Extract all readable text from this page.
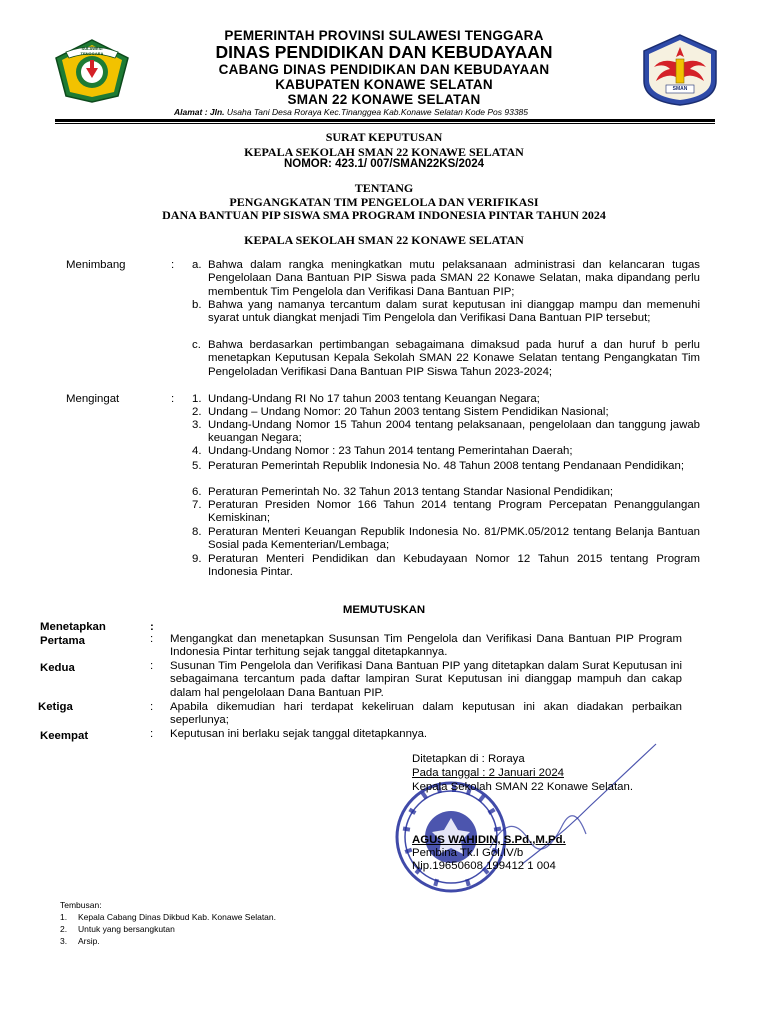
SULAWESI TENGGARA
SMAN
PEMERINTAH PROVINSI SULAWESI TENGGARA
DINAS PENDIDIKAN DAN KEBUDAYAAN
CABANG DINAS PENDIDIKAN DAN KEBUDAYAAN
KABUPATEN KONAWE SELATAN
SMAN 22 KONAWE SELATAN
Alamat : Jln. Usaha Tani Desa Roraya Kec.Tinanggea Kab.Konawe Selatan Kode Pos 93385
SURAT KEPUTUSAN
KEPALA SEKOLAH SMAN 22 KONAWE SELATAN
NOMOR: 423.1/ 007/SMAN22KS/2024
TENTANG
PENGANGKATAN TIM PENGELOLA DAN VERIFIKASI
DANA BANTUAN PIP SISWA SMA PROGRAM INDONESIA PINTAR TAHUN 2024
KEPALA SEKOLAH SMAN 22 KONAWE SELATAN
Menimbang	: a. Bahwa dalam rangka meningkatkan mutu pelaksanaan administrasi dan kelancaran tugas Pengelolaan Dana Bantuan PIP Siswa pada SMAN 22 Konawe Selatan, maka dipandang perlu membentuk Tim Pengelola dan Verifikasi Dana Bantuan PIP;
b. Bahwa yang namanya tercantum dalam surat keputusan ini dianggap mampu dan memenuhi syarat untuk diangkat menjadi Tim Pengelola dan Verifikasi Dana Bantuan PIP tersebut;
c. Bahwa berdasarkan pertimbangan sebagaimana dimaksud pada huruf a dan huruf b perlu menetapkan Keputusan Kepala Sekolah SMAN 22 Konawe Selatan tentang Pengangkatan Tim Pengeloladan Verifikasi Dana Bantuan PIP Siswa Tahun 2023-2024;
Mengingat	: 1. Undang-Undang RI No 17 tahun 2003 tentang Keuangan Negara;
2. Undang – Undang Nomor: 20 Tahun 2003 tentang Sistem Pendidikan Nasional;
3. Undang-Undang Nomor 15 Tahun 2004 tentang pelaksanaan, pengelolaan dan tanggung jawab keuangan Negara;
4. Undang-Undang Nomor : 23 Tahun 2014 tentang Pemerintahan Daerah;
5. Peraturan Pemerintah Republik Indonesia No. 48 Tahun 2008 tentang Pendanaan Pendidikan;
6. Peraturan Pemerintah No. 32 Tahun 2013 tentang Standar Nasional Pendidikan;
7. Peraturan Presiden Nomor 166 Tahun 2014 tentang Program Percepatan Penanggulangan Kemiskinan;
8. Peraturan Menteri Keuangan Republik Indonesia No. 81/PMK.05/2012 tentang Belanja Bantuan Sosial pada Kementerian/Lembaga;
9. Peraturan Menteri Pendidikan dan Kebudayaan Nomor 12 Tahun 2015 tentang Program Indonesia Pintar.
MEMUTUSKAN
Menetapkan	:
Pertama	: Mengangkat dan menetapkan Susunsan Tim Pengelola dan Verifikasi Dana Bantuan PIP Program Indonesia Pintar terhitung sejak tanggal ditetapkannya.
Kedua	: Susunan Tim Pengelola dan Verifikasi Dana Bantuan PIP yang ditetapkan dalam Surat Keputusan ini sebagaimana tercantum pada daftar lampiran Surat Keputusan ini dianggap mampuh dan cakap dalam hal pengelolaan Dana Bantuan PIP.
Ketiga	: Apabila dikemudian hari terdapat kekeliruan dalam keputusan ini akan diadakan perbaikan seperlunya;
Keempat	: Keputusan ini berlaku sejak tanggal ditetapkannya.
Ditetapkan di : Roraya
Pada tanggal : 2 Januari 2024
Kepala Sekolah SMAN 22 Konawe Selatan.
AGUS WAHIDIN, S.Pd.,M.Pd.
Pembina Tk.I Gol.IV/b
Nip.19650608 199412 1 004
Tembusan:
1. Kepala Cabang Dinas Dikbud Kab. Konawe Selatan.
2. Untuk yang bersangkutan
3. Arsip.
